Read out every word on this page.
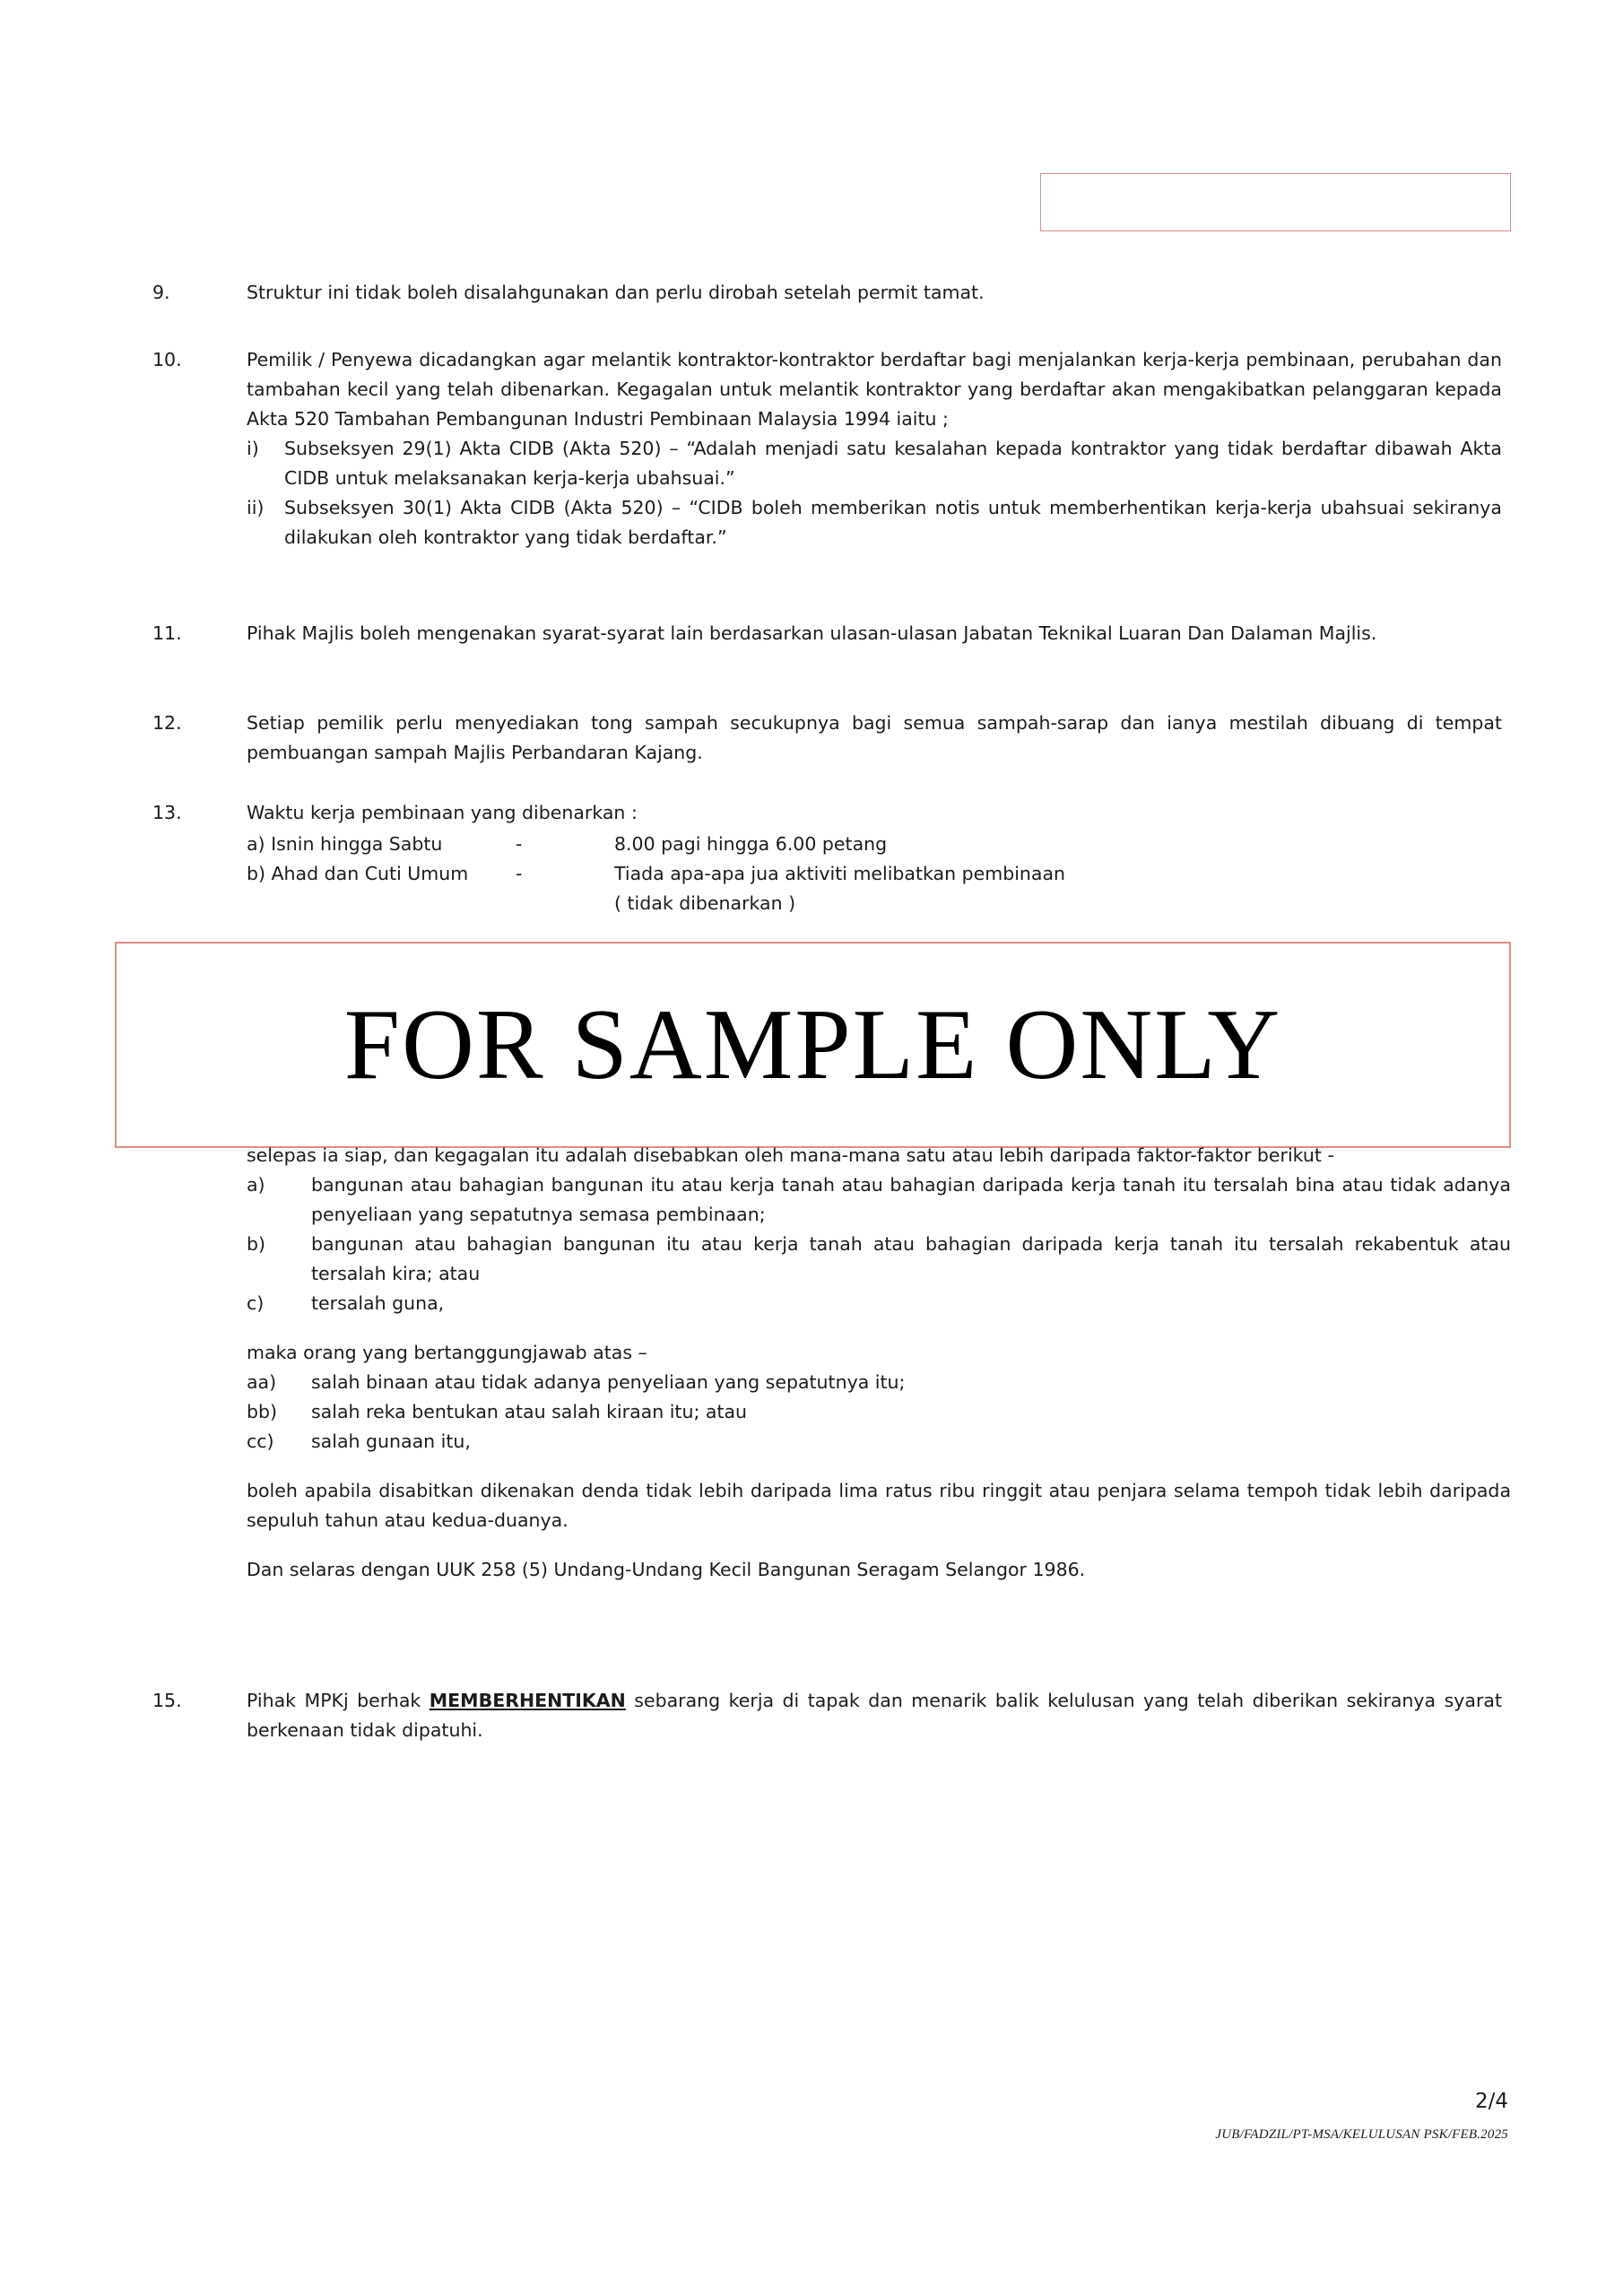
9.	Struktur ini tidak boleh disalahgunakan dan perlu dirobah setelah permit tamat.
10.	Pemilik / Penyewa dicadangkan agar melantik kontraktor-kontraktor berdaftar bagi menjalankan kerja-kerja pembinaan, perubahan dan tambahan kecil yang telah dibenarkan. Kegagalan untuk melantik kontraktor yang berdaftar akan mengakibatkan pelanggaran kepada Akta 520 Tambahan Pembangunan Industri Pembinaan Malaysia 1994 iaitu ;

i)	Subseksyen 29(1) Akta CIDB (Akta 520) – “Adalah menjadi satu kesalahan kepada kontraktor yang tidak berdaftar dibawah Akta CIDB untuk melaksanakan kerja-kerja ubahsuai.”
ii)	Subseksyen 30(1) Akta CIDB (Akta 520) – “CIDB boleh memberikan notis untuk memberhentikan kerja-kerja ubahsuai sekiranya dilakukan oleh kontraktor yang tidak berdaftar.”
11.	Pihak Majlis boleh mengenakan syarat-syarat lain berdasarkan ulasan-ulasan Jabatan Teknikal Luaran Dan Dalaman Majlis.
12.	Setiap pemilik perlu menyediakan tong sampah secukupnya bagi semua sampah-sarap dan ianya mestilah dibuang di tempat pembuangan sampah Majlis Perbandaran Kajang.
13.	Waktu kerja pembinaan yang dibenarkan :

a) Isnin hingga Sabtu	-	8.00 pagi hingga 6.00 petang
b) Ahad dan Cuti Umum	-	Tiada apa-apa jua aktiviti melibatkan pembinaan
( tidak dibenarkan )
FOR SAMPLE ONLY

selepas ia siap, dan kegagalan itu adalah disebabkan oleh mana-mana satu atau lebih daripada faktor-faktor berikut -

a)	bangunan atau bahagian bangunan itu atau kerja tanah atau bahagian daripada kerja tanah itu tersalah bina atau tidak adanya penyeliaan yang sepatutnya semasa pembinaan;
b)	bangunan atau bahagian bangunan itu atau kerja tanah atau bahagian daripada kerja tanah itu tersalah rekabentuk atau tersalah kira; atau
c)	tersalah guna,

maka orang yang bertanggungjawab atas –

aa)	salah binaan atau tidak adanya penyeliaan yang sepatutnya itu;
bb)	salah reka bentukan atau salah kiraan itu; atau
cc)	salah gunaan itu,

boleh apabila disabitkan dikenakan denda tidak lebih daripada lima ratus ribu ringgit atau penjara selama tempoh tidak lebih daripada sepuluh tahun atau kedua-duanya.

Dan selaras dengan UUK 258 (5) Undang-Undang Kecil Bangunan Seragam Selangor 1986.

15.	Pihak MPKj berhak MEMBERHENTIKAN sebarang kerja di tapak dan menarik balik kelulusan yang telah diberikan sekiranya syarat berkenaan tidak dipatuhi.
2/4
JUB/FADZIL/PT-MSA/KELULUSAN PSK/FEB.2025
